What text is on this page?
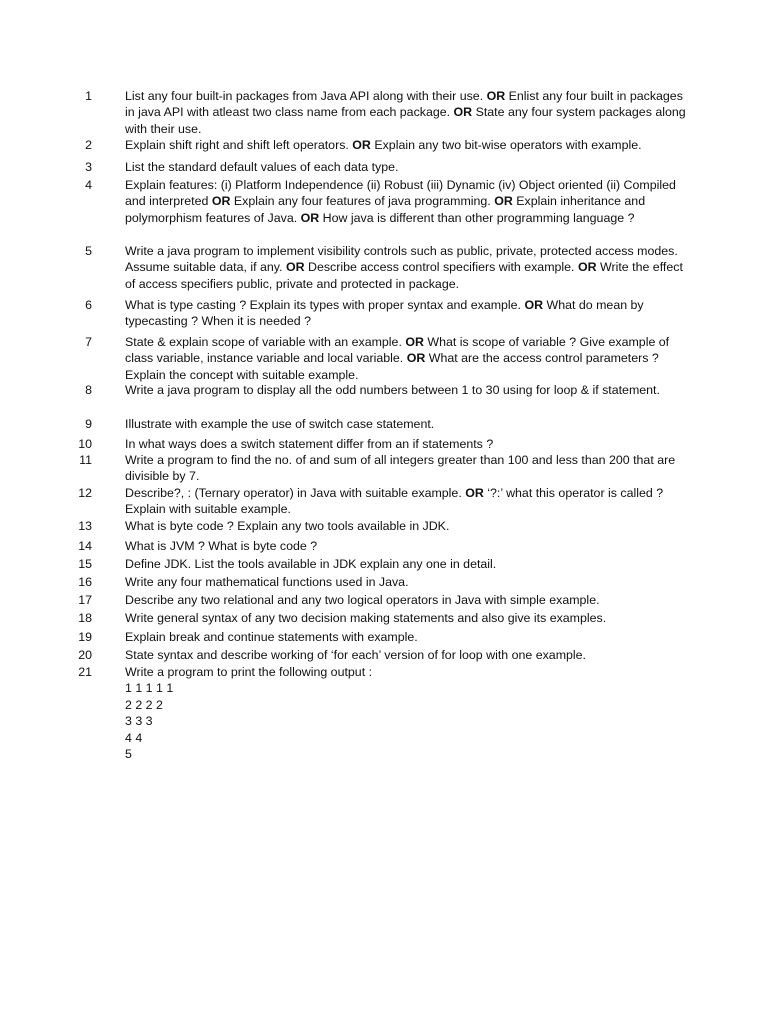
1	List any four built-in packages from Java API along with their use. OR Enlist any four built in packages in java API with atleast two class name from each package. OR State any four system packages along with their use.
2	Explain shift right and shift left operators. OR Explain any two bit-wise operators with example.
3	List the standard default values of each data type.
4	Explain features: (i) Platform Independence (ii) Robust (iii) Dynamic (iv) Object oriented (ii) Compiled and interpreted OR Explain any four features of java programming. OR Explain inheritance and polymorphism features of Java. OR How java is different than other programming language ?
5	Write a java program to implement visibility controls such as public, private, protected access modes. Assume suitable data, if any. OR Describe access control specifiers with example. OR Write the effect of access specifiers public, private and protected in package.
6	What is type casting ? Explain its types with proper syntax and example. OR What do mean by typecasting ? When it is needed ?
7	State & explain scope of variable with an example. OR What is scope of variable ? Give example of class variable, instance variable and local variable. OR What are the access control parameters ? Explain the concept with suitable example.
8	Write a java program to display all the odd numbers between 1 to 30 using for loop & if statement.
9	Illustrate with example the use of switch case statement.
10	In what ways does a switch statement differ from an if statements ?
11	Write a program to find the no. of and sum of all integers greater than 100 and less than 200 that are divisible by 7.
12	Describe?, : (Ternary operator) in Java with suitable example. OR ‘?:’ what this operator is called ? Explain with suitable example.
13	What is byte code ? Explain any two tools available in JDK.
14	What is JVM ? What is byte code ?
15	Define JDK. List the tools available in JDK explain any one in detail.
16	Write any four mathematical functions used in Java.
17	Describe any two relational and any two logical operators in Java with simple example.
18	Write general syntax of any two decision making statements and also give its examples.
19	Explain break and continue statements with example.
20	State syntax and describe working of ‘for each’ version of for loop with one example.
21	Write a program to print the following output :
1 1 1 1 1
2 2 2 2
3 3 3
4 4
5
